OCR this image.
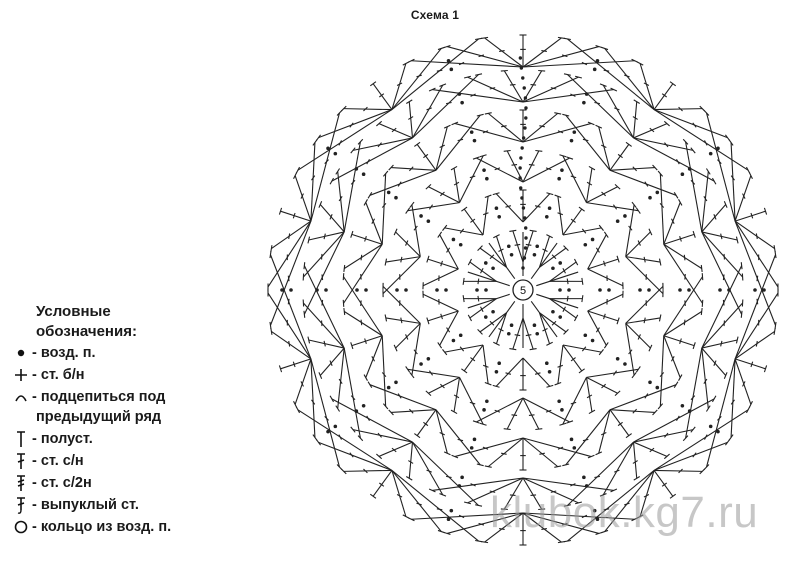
Схема 1
5
Условные
обозначения:
- возд. п.
- ст. б/н
- подцепиться под
предыдущий ряд
- полуст.
- ст. с/н
- ст. с/2н
- выпуклый ст.
- кольцо из возд. п.	klubok.kg7.ru
